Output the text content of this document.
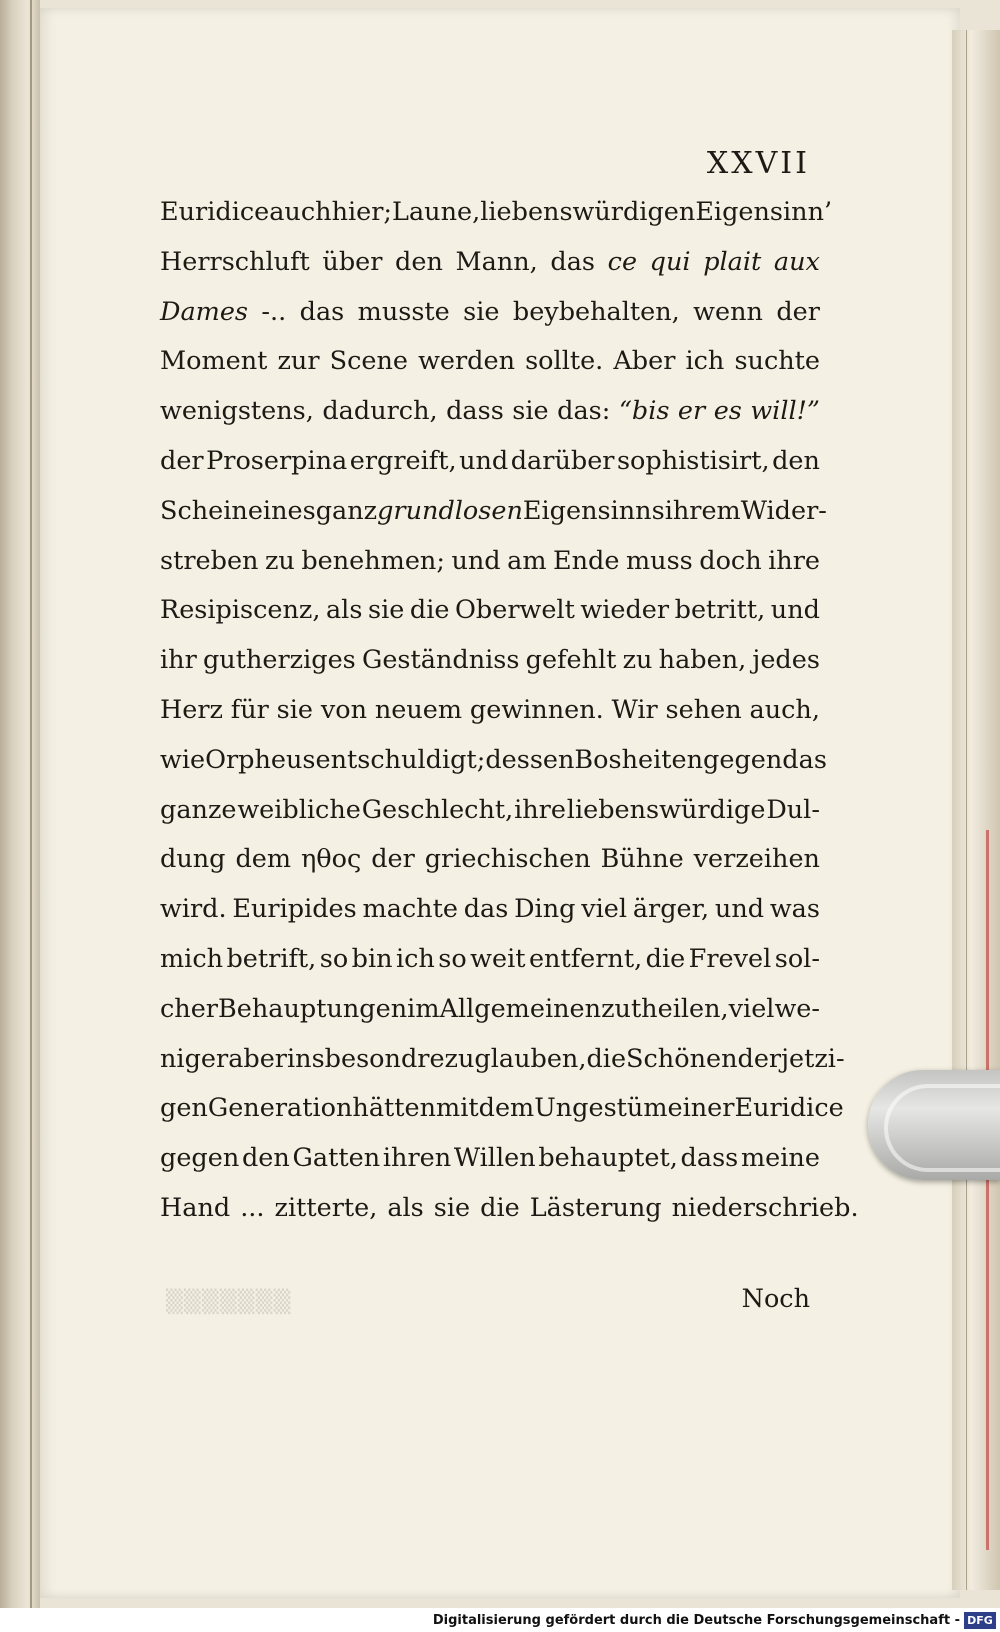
XXVII
Euridice auch hier; Laune, liebenswürdigen Eigensinn’
Herrschluft über den Mann, das ce qui plait aux
Dames -.. das musste sie beybehalten, wenn der
Moment zur Scene werden sollte. Aber ich suchte
wenigstens, dadurch, dass sie das: “bis er es will!”
der Proserpina ergreift, und darüber sophistisirt, den
Schein eines ganz grundlosen Eigensinns ihrem Wider-
streben zu benehmen; und am Ende muss doch ihre
Resipiscenz, als sie die Oberwelt wieder betritt, und
ihr gutherziges Geständniss gefehlt zu haben, jedes
Herz für sie von neuem gewinnen. Wir sehen auch,
wie Orpheus entschuldigt; dessen Bosheiten gegen das
ganze weibliche Geschlecht, ihre liebenswürdige Dul-
dung dem ηθος der griechischen Bühne verzeihen
wird. Euripides machte das Ding viel ärger, und was
mich betrift, so bin ich so weit entfernt, die Frevel sol-
cher Behauptungen im Allgemeinen zu theilen, vielwe-
niger aber insbesondre zu glauben, die Schönen der jetzi-
gen Generation hätten mit dem Ungestüm einer Euridice
gegen den Gatten ihren Willen behauptet, dass meine
Hand ... zitterte, als sie die Lästerung niederschrieb.
▒▒▒▒▒▒▒	Noch
Digitalisierung gefördert durch die Deutsche Forschungsgemeinschaft - DFG
